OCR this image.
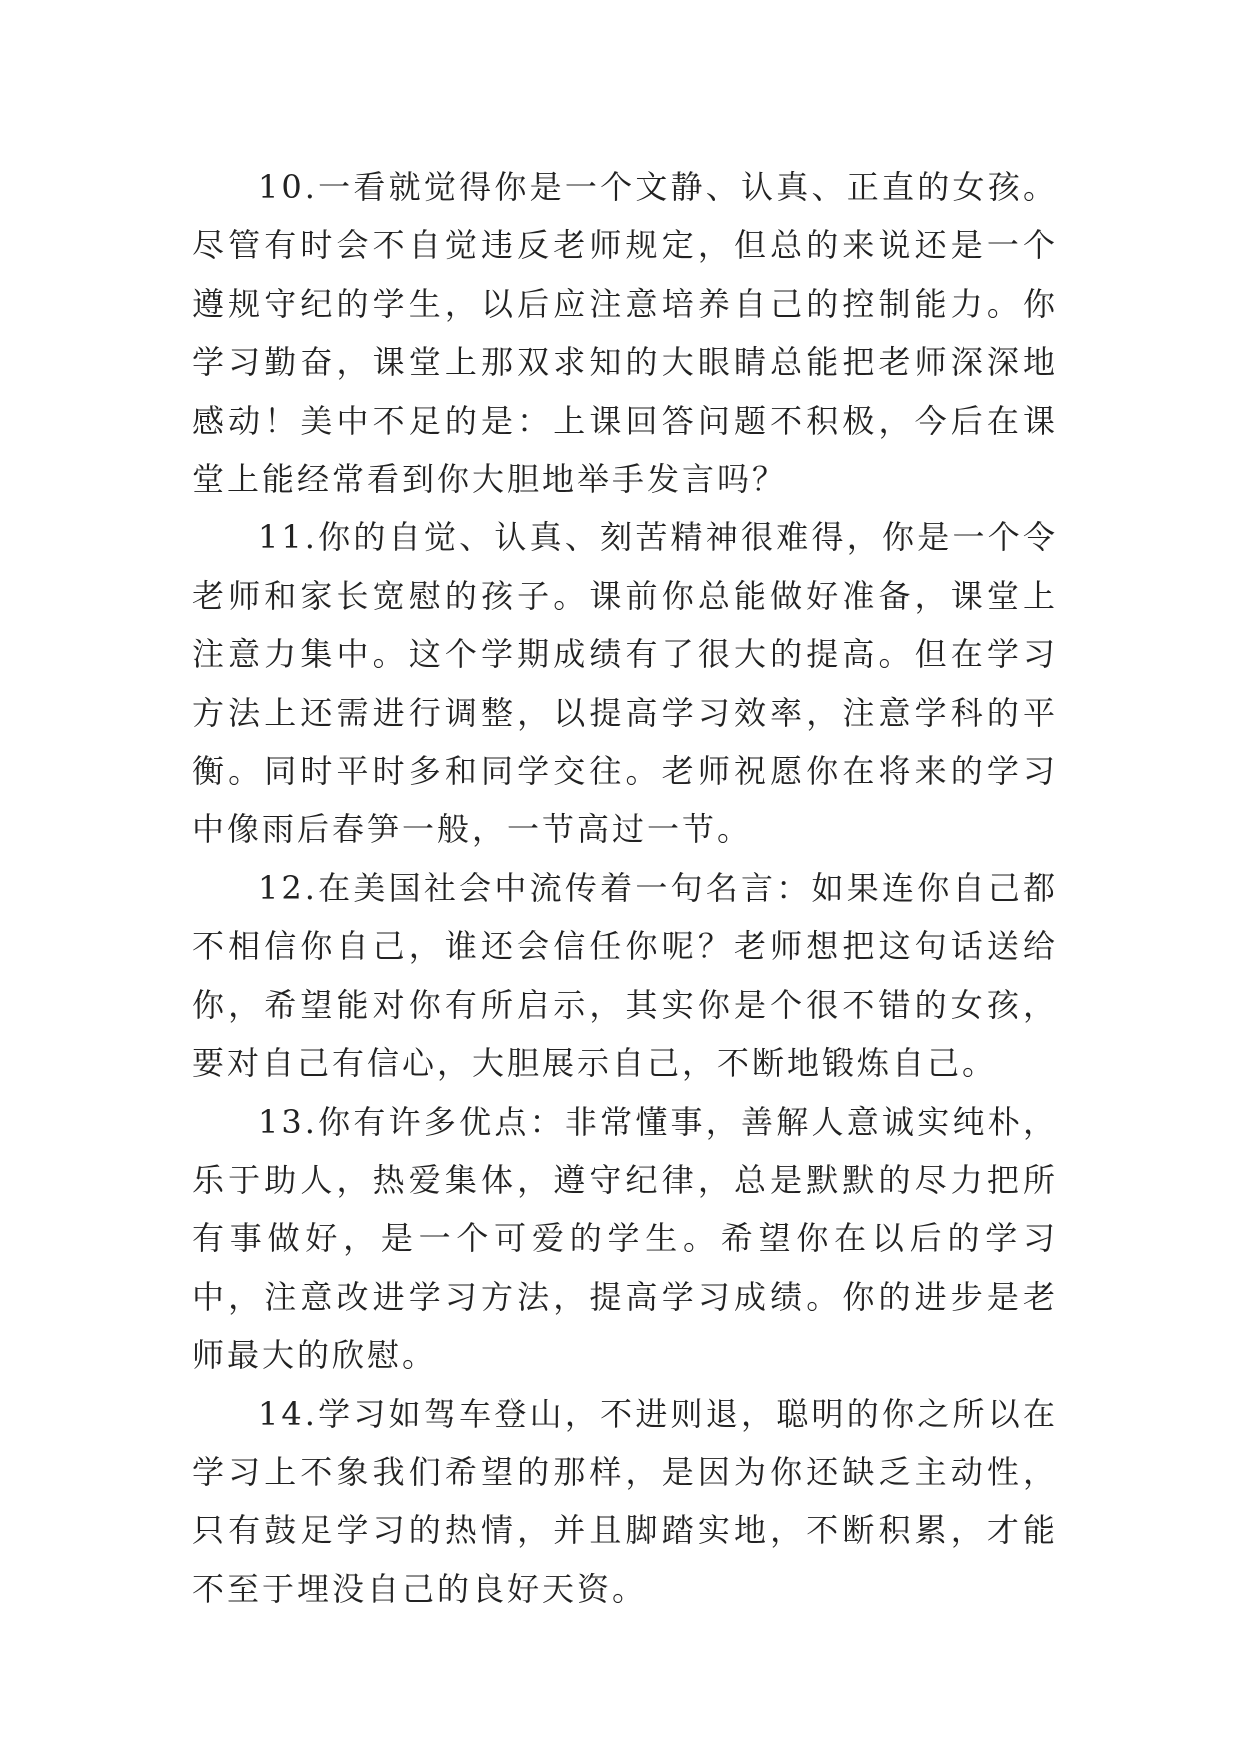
10.一看就觉得你是一个文静、认真、正直的女孩。 尽管有时会不自觉违反老师规定，但总的来说还是一个遵规守纪的学生，以后应注意培养自己的控制能力。你学习勤奋，课堂上那双求知的大眼睛总能把老师深深地感动！美中不足的是：上课回答问题不积极，今后在课堂上能经常看到你大胆地举手发言吗？

11.你的自觉、认真、刻苦精神很难得，你是一个令老师和家长宽慰的孩子。课前你总能做好准备，课堂上注意力集中。这个学期成绩有了很大的提高。但在学习方法上还需进行调整，以提高学习效率，注意学科的平衡。同时平时多和同学交往。老师祝愿你在将来的学习中像雨后春笋一般，一节高过一节。

12.在美国社会中流传着一句名言：如果连你自己都不相信你自己，谁还会信任你呢？老师想把这句话送给你，希望能对你有所启示，其实你是个很不错的女孩，要对自己有信心，大胆展示自己，不断地锻炼自己。

13.你有许多优点：非常懂事，善解人意诚实纯朴，乐于助人，热爱集体，遵守纪律，总是默默的尽力把所有事做好，是一个可爱的学生。希望你在以后的学习中，注意改进学习方法，提高学习成绩。你的进步是老师最大的欣慰。

14.学习如驾车登山，不进则退，聪明的你之所以在学习上不象我们希望的那样，是因为你还缺乏主动性，只有鼓足学习的热情，并且脚踏实地，不断积累，才能不至于埋没自己的良好天资。
